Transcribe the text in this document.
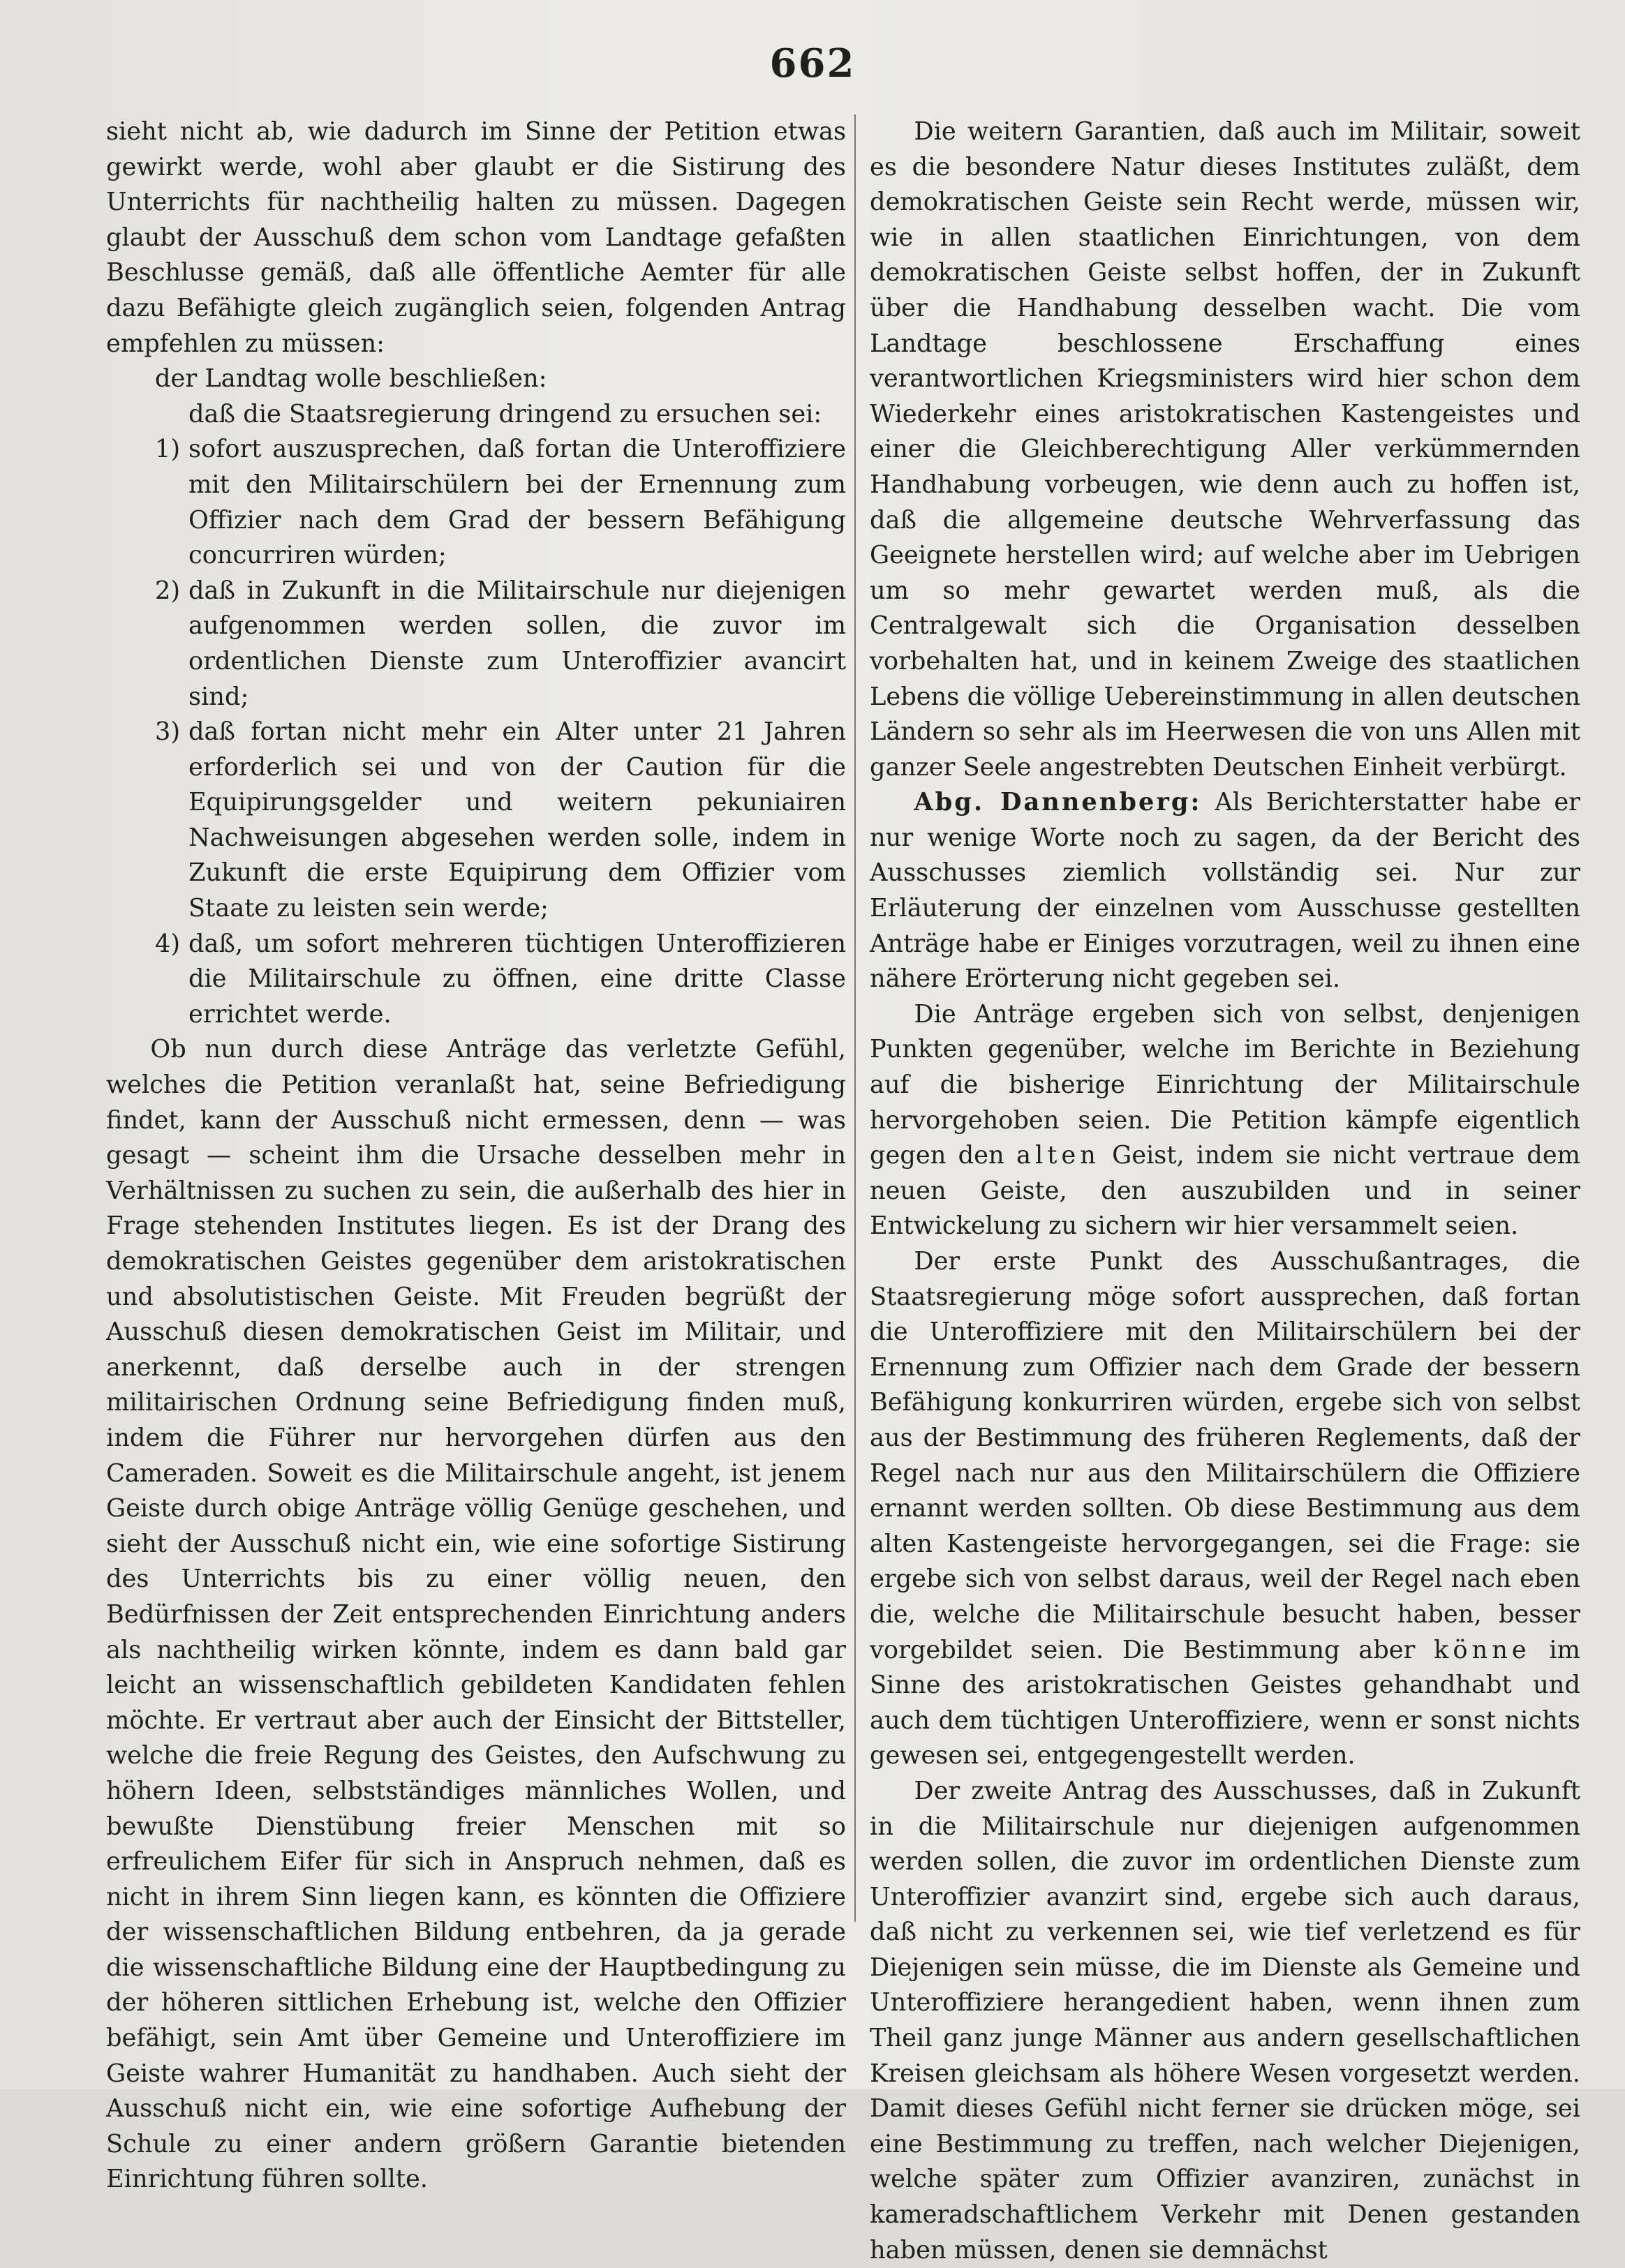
662

sieht nicht ab, wie dadurch im Sinne der Petition etwas gewirkt werde, wohl aber glaubt er die Sistirung des Unterrichts für nachtheilig halten zu müssen. Dagegen glaubt der Ausschuß dem schon vom Landtage gefaßten Beschlusse gemäß, daß alle öffentliche Aemter für alle dazu Befähigte gleich zugänglich seien, folgenden Antrag empfehlen zu müssen:

der Landtag wolle beschließen:

daß die Staatsregierung dringend zu ersuchen sei:

1) sofort auszusprechen, daß fortan die Unteroffiziere mit den Militairschülern bei der Ernennung zum Offizier nach dem Grad der bessern Befähigung concurriren würden;
2) daß in Zukunft in die Militairschule nur diejenigen aufgenommen werden sollen, die zuvor im ordentlichen Dienste zum Unteroffizier avancirt sind;
3) daß fortan nicht mehr ein Alter unter 21 Jahren erforderlich sei und von der Caution für die Equipirungsgelder und weitern pekuniairen Nachweisungen abgesehen werden solle, indem in Zukunft die erste Equipirung dem Offizier vom Staate zu leisten sein werde;
4) daß, um sofort mehreren tüchtigen Unteroffizieren die Militairschule zu öffnen, eine dritte Classe errichtet werde.

Ob nun durch diese Anträge das verletzte Gefühl, welches die Petition veranlaßt hat, seine Befriedigung findet, kann der Ausschuß nicht ermessen, denn — was gesagt — scheint ihm die Ursache desselben mehr in Verhältnissen zu suchen zu sein, die außerhalb des hier in Frage stehenden Institutes liegen. Es ist der Drang des demokratischen Geistes gegenüber dem aristokratischen und absolutistischen Geiste. Mit Freuden begrüßt der Ausschuß diesen demokratischen Geist im Militair, und anerkennt, daß derselbe auch in der strengen militairischen Ordnung seine Befriedigung finden muß, indem die Führer nur hervorgehen dürfen aus den Cameraden. Soweit es die Militairschule angeht, ist jenem Geiste durch obige Anträge völlig Genüge geschehen, und sieht der Ausschuß nicht ein, wie eine sofortige Sistirung des Unterrichts bis zu einer völlig neuen, den Bedürfnissen der Zeit entsprechenden Einrichtung anders als nachtheilig wirken könnte, indem es dann bald gar leicht an wissenschaftlich gebildeten Kandidaten fehlen möchte. Er vertraut aber auch der Einsicht der Bittsteller, welche die freie Regung des Geistes, den Aufschwung zu höhern Ideen, selbstständiges männliches Wollen, und bewußte Dienstübung freier Menschen mit so erfreulichem Eifer für sich in Anspruch nehmen, daß es nicht in ihrem Sinn liegen kann, es könnten die Offiziere der wissenschaftlichen Bildung entbehren, da ja gerade die wissenschaftliche Bildung eine der Hauptbedingung zu der höheren sittlichen Erhebung ist, welche den Offizier befähigt, sein Amt über Gemeine und Unteroffiziere im Geiste wahrer Humanität zu handhaben. Auch sieht der Ausschuß nicht ein, wie eine sofortige Aufhebung der Schule zu einer andern größern Garantie bietenden Einrichtung führen sollte.

Die weitern Garantien, daß auch im Militair, soweit es die besondere Natur dieses Institutes zuläßt, dem demokratischen Geiste sein Recht werde, müssen wir, wie in allen staatlichen Einrichtungen, von dem demokratischen Geiste selbst hoffen, der in Zukunft über die Handhabung desselben wacht. Die vom Landtage beschlossene Erschaffung eines verantwortlichen Kriegsministers wird hier schon dem Wiederkehr eines aristokratischen Kastengeistes und einer die Gleichberechtigung Aller verkümmernden Handhabung vorbeugen, wie denn auch zu hoffen ist, daß die allgemeine deutsche Wehrverfassung das Geeignete herstellen wird; auf welche aber im Uebrigen um so mehr gewartet werden muß, als die Centralgewalt sich die Organisation desselben vorbehalten hat, und in keinem Zweige des staatlichen Lebens die völlige Uebereinstimmung in allen deutschen Ländern so sehr als im Heerwesen die von uns Allen mit ganzer Seele angestrebten Deutschen Einheit verbürgt.

Abg. Dannenberg: Als Berichterstatter habe er nur wenige Worte noch zu sagen, da der Bericht des Ausschusses ziemlich vollständig sei. Nur zur Erläuterung der einzelnen vom Ausschusse gestellten Anträge habe er Einiges vorzutragen, weil zu ihnen eine nähere Erörterung nicht gegeben sei.

Die Anträge ergeben sich von selbst, denjenigen Punkten gegenüber, welche im Berichte in Beziehung auf die bisherige Einrichtung der Militairschule hervorgehoben seien. Die Petition kämpfe eigentlich gegen den alten Geist, indem sie nicht vertraue dem neuen Geiste, den auszubilden und in seiner Entwickelung zu sichern wir hier versammelt seien.

Der erste Punkt des Ausschußantrages, die Staatsregierung möge sofort aussprechen, daß fortan die Unteroffiziere mit den Militairschülern bei der Ernennung zum Offizier nach dem Grade der bessern Befähigung konkurriren würden, ergebe sich von selbst aus der Bestimmung des früheren Reglements, daß der Regel nach nur aus den Militairschülern die Offiziere ernannt werden sollten. Ob diese Bestimmung aus dem alten Kastengeiste hervorgegangen, sei die Frage: sie ergebe sich von selbst daraus, weil der Regel nach eben die, welche die Militairschule besucht haben, besser vorgebildet seien. Die Bestimmung aber könne im Sinne des aristokratischen Geistes gehandhabt und auch dem tüchtigen Unteroffiziere, wenn er sonst nichts gewesen sei, entgegengestellt werden.

Der zweite Antrag des Ausschusses, daß in Zukunft in die Militairschule nur diejenigen aufgenommen werden sollen, die zuvor im ordentlichen Dienste zum Unteroffizier avanzirt sind, ergebe sich auch daraus, daß nicht zu verkennen sei, wie tief verletzend es für Diejenigen sein müsse, die im Dienste als Gemeine und Unteroffiziere herangedient haben, wenn ihnen zum Theil ganz junge Männer aus andern gesellschaftlichen Kreisen gleichsam als höhere Wesen vorgesetzt werden. Damit dieses Gefühl nicht ferner sie drücken möge, sei eine Bestimmung zu treffen, nach welcher Diejenigen, welche später zum Offizier avanziren, zunächst in kameradschaftlichem Verkehr mit Denen gestanden haben müssen, denen sie demnächst
